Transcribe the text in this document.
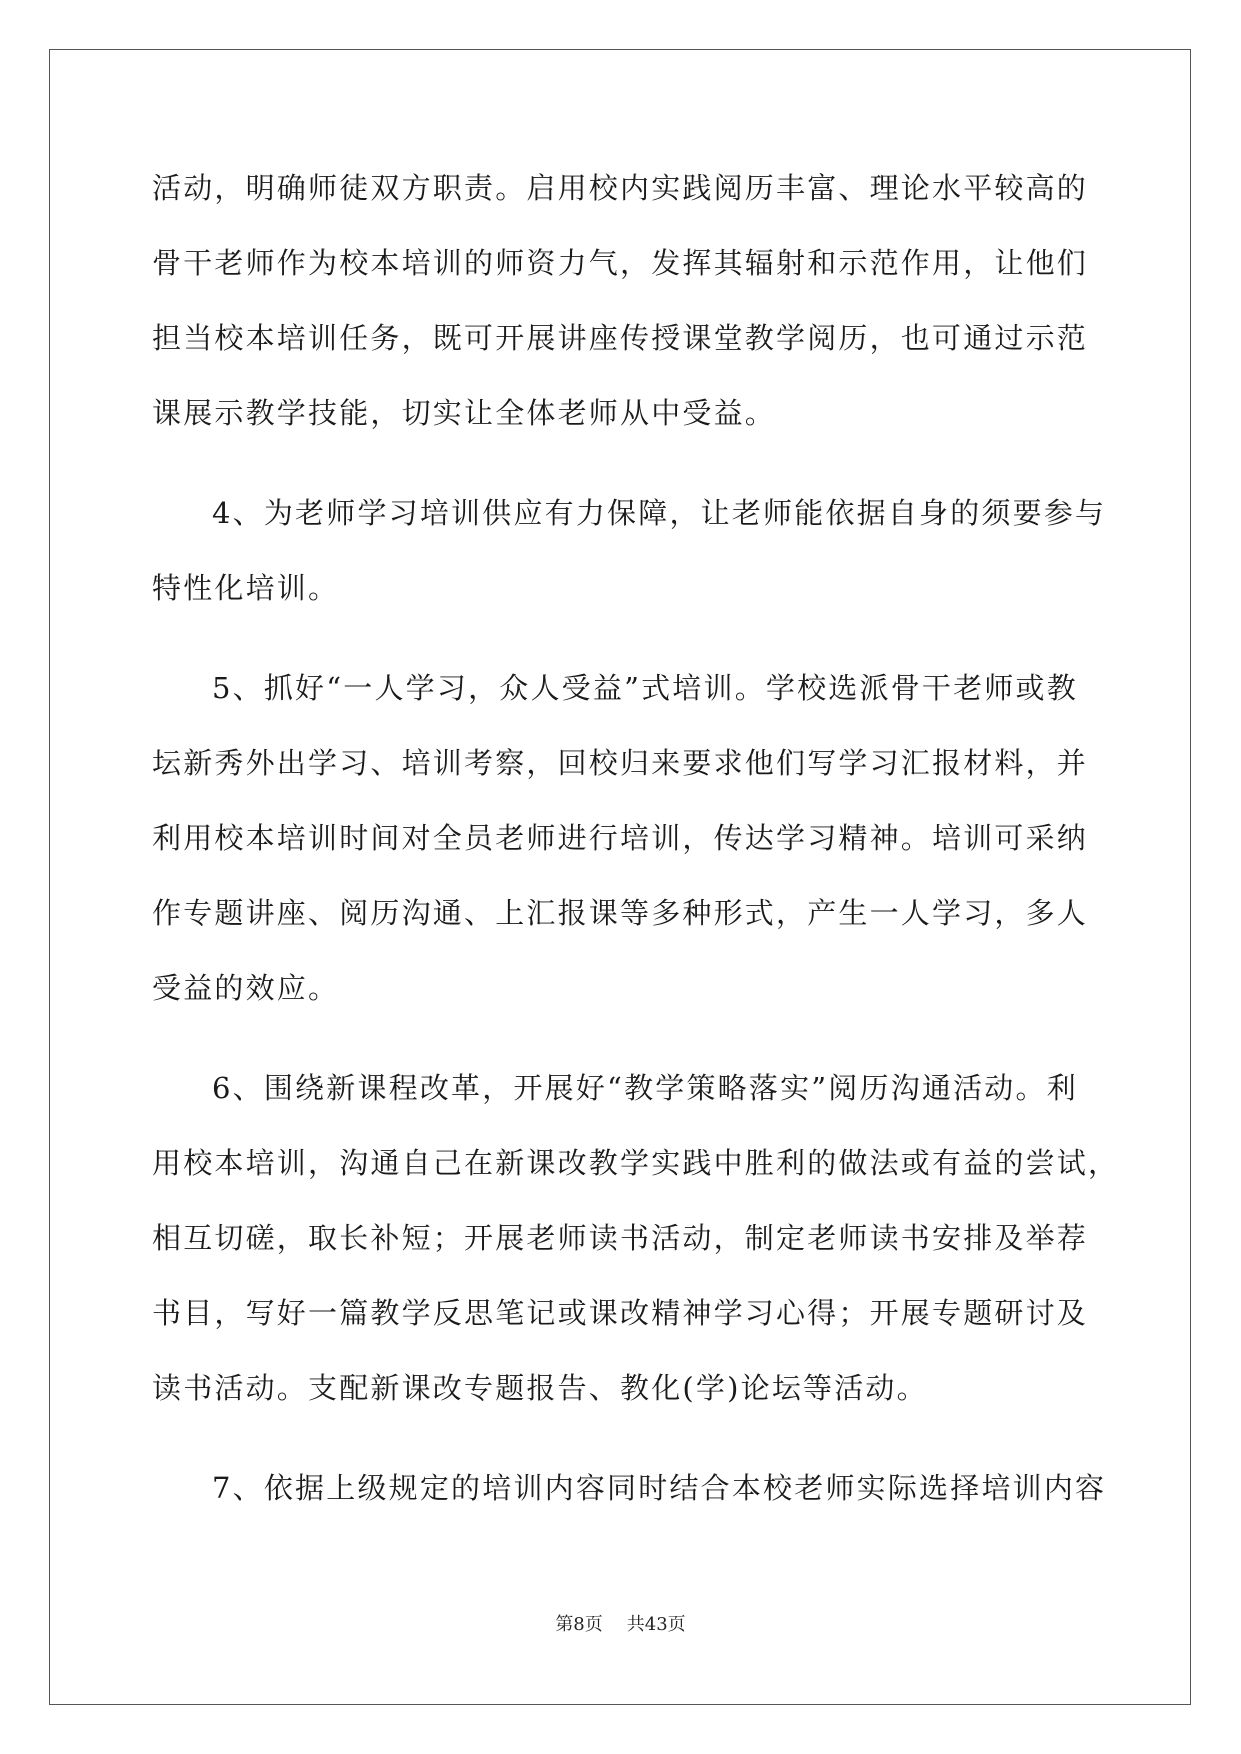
活动，明确师徒双方职责。启用校内实践阅历丰富、理论水平较高的
骨干老师作为校本培训的师资力气，发挥其辐射和示范作用，让他们
担当校本培训任务，既可开展讲座传授课堂教学阅历，也可通过示范
课展示教学技能，切实让全体老师从中受益。
4、为老师学习培训供应有力保障，让老师能依据自身的须要参与
特性化培训。
5、抓好“一人学习，众人受益”式培训。学校选派骨干老师或教
坛新秀外出学习、培训考察，回校归来要求他们写学习汇报材料，并
利用校本培训时间对全员老师进行培训，传达学习精神。培训可采纳
作专题讲座、阅历沟通、上汇报课等多种形式，产生一人学习，多人
受益的效应。
6、围绕新课程改革，开展好“教学策略落实”阅历沟通活动。利
用校本培训，沟通自己在新课改教学实践中胜利的做法或有益的尝试，
相互切磋，取长补短；开展老师读书活动，制定老师读书安排及举荐
书目，写好一篇教学反思笔记或课改精神学习心得；开展专题研讨及
读书活动。支配新课改专题报告、教化(学)论坛等活动。
7、依据上级规定的培训内容同时结合本校老师实际选择培训内容
第8页 共43页
